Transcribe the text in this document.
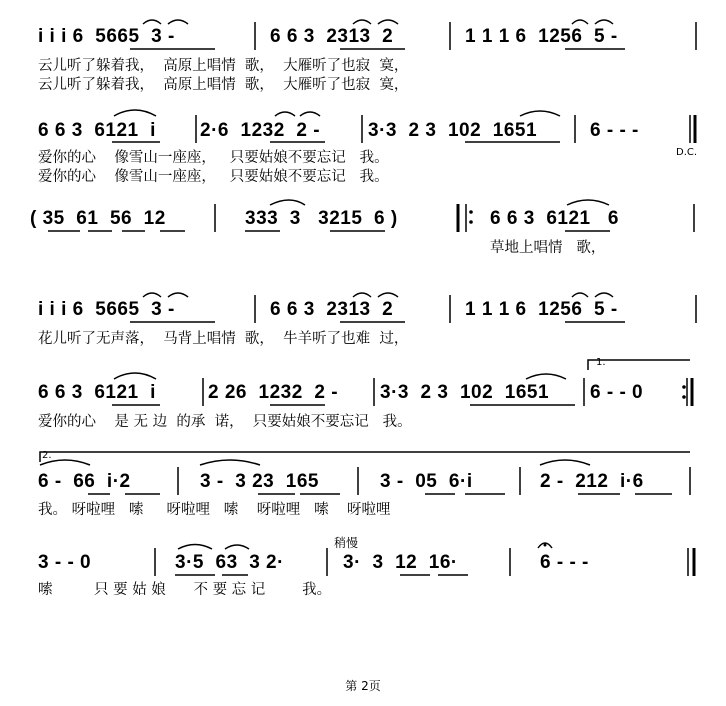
i i i 6  5665  3 -	6 6 3  2313  2	1 1 1 6  1256  5 -
云儿听了躲着我，  高原上唱情  歌，  大雁听了也寂  寞，
云儿听了躲着我，  高原上唱情  歌，  大雁听了也寂  寞，
6 6 3  6121  i 2·6  1232  2 -	3·3  2 3  102  1651	6 - - -
爱你的心    像雪山一座座，   只要姑娘不要忘记   我。
爱你的心    像雪山一座座，   只要姑娘不要忘记   我。
D.C.
( 35  61  56  12	333  3   3215  6 )	6 6 3  6121   6
草地上唱情   歌，
i i i 6  5665  3 -	6 6 3  2313  2	1 1 1 6  1256  5 -
花儿听了无声落，  马背上唱情  歌，  牛羊听了也难  过，
1.
6 6 3  6121  i	2 26  1232  2 - 3·3  2 3  102  1651 6 - - 0
爱你的心    是 无 边  的承  诺，  只要姑娘不要忘记   我。
2.
6 -  66  i·2	3 -  3 23  165	3 -  05  6·i	2 -  212  i·6
我。 呀啦哩   嗦     呀啦哩   嗦    呀啦哩   嗦    呀啦哩
稍慢
3 - - 0	3·5  63  3 2·	3·  3  12  16·	6 - - -
嗦         只 要 姑 娘      不 要 忘 记        我。
第 2页
